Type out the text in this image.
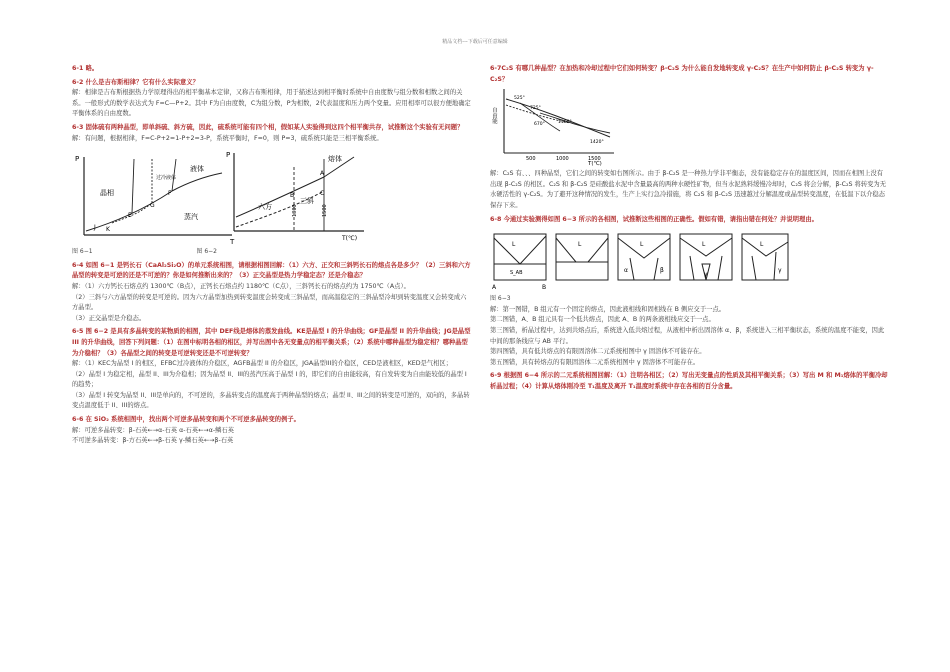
精品文档---下载后可任意编辑

6-1 略。

6-2 什么是吉布斯相律？它有什么实际意义？

解：相律是吉布斯根据热力学原理得出的相平衡基本定律，又称吉布斯相律，用于描述达到相平衡时系统中自由度数与组分数和相数之间的关系。一般形式的数学表达式为 F=C—P+2。其中 F为自由度数，C为组分数，P为相数，2代表温度和压力两个变量。应用相率可以很方便地确定平衡体系的自由度数。

6-3 固体硫有两种晶型，即单斜硫、斜方硫，因此，硫系统可能有四个相，假如某人实验得到这四个相平衡共存，试推断这个实验有无问题？

解：有问题，根据相律，F=C-P+2=1-P+2=3-P，系统平衡时，F=0，则 P=3，硫系统只能是三相平衡系统。

P
T
晶相
液体
蒸汽
过冷液体
J K
E
G
F
P
T(℃)
熔体
六方
三斜
1300	1500
A
B	C

图 6−1	图 6−2

6-4 如图 6−1 是钙长石（CaAl₂Si₂O）的单元系统相图，请根据相图回解：（1）六方、正交和三斜钙长石的熔点各是多少？（2）三斜和六方晶型的转变是可逆的还是不可逆的？你是如何推断出来的？（3）正交晶型是热力学稳定态？还是介稳态？

解：（1）六方钙长石熔点约 1300℃（B点），正钙长石熔点约 1180℃（C点），三斜钙长石的熔点约为 1750℃（A点）。

（2）三斜与六方晶型的转变是可逆的。因为六方晶型加热到转变温度会转变成三斜晶型，而高温稳定的三斜晶型冷却到转变温度又会转变成六方晶型。

（3）正交晶型是介稳态。

6-5 图 6−2 是具有多晶转变的某物质的相图，其中 DEF线是熔体的蒸发曲线。KE是晶型 I 的升华曲线；GF是晶型 II 的升华曲线；JG是晶型 III 的升华曲线，回答下列问题：（1）在图中标明各相的相区，并写出图中各无变量点的相平衡关系；（2）系统中哪种晶型为稳定相？哪种晶型为介稳相？（3）各晶型之间的转变是可逆转变还是不可逆转变？

解：（1）KEC为晶型 I 的相区，EFBC过冷液体的介稳区，AGFB晶型 II 的介稳区，JGA晶型III的介稳区，CED是液相区，KED是气相区；

（2）晶型 I 为稳定相，晶型 II、III为介稳相；因为晶型 II、III的蒸汽压高于晶型 I 的，即它们的自由能较高，有自发转变为自由能较低的晶型 I 的趋势；

（3）晶型 I 转变为晶型 II、III是单向的，不可逆的，多晶转变点的温度高于两种晶型的熔点；晶型 II、III之间的转变是可逆的，双向的，多晶转变点温度低于 II、III的熔点。

6-6 在 SiO₂ 系统相图中，找出两个可逆多晶转变和两个不可逆多晶转变的例子。

解：可逆多晶转变：β-石英←→α-石英 α-石英←→α-鳞石英

不可逆多晶转变：β-方石英←→β-石英 γ-鳞石英←→β-石英

6-7C₂S 有哪几种晶型？在加热和冷却过程中它们如何转变？β-C₂S 为什么能自发地转变成 γ-C₂S？在生产中如何防止 β-C₂S 转变为 γ-C₂S？

自由能
T(℃)
500	1000	1500
725°
1160°
1420°
670°
525°

解：C₂S 有、、、四种晶型，它们之间的转变如右图所示。由于 β-C₂S 是一种热力学非平衡态，没有能稳定存在的温度区间，因而在相图上没有出现 β-C₂S 的相区。C₂S 和 β-C₂S 是硅酸盐水泥中含量最高的两种水硬性矿物，但当水泥熟料缓慢冷却时，C₂S 将会分解，β-C₂S 将转变为无水硬活性的 γ-C₂S。为了避开这种情况的发生，生产上实行急冷措施，将 C₂S 和 β-C₂S 迅速越过分解温度或晶型转变温度，在低温下以介稳态保存下来。

6-8 今通过实验测得如图 6−3 所示的各相图，试推断这些相图的正确性。假如有错，请指出错在何处？并说明理由。

L
S_AB
A	B
L	L	L	L
α	β
γ
γ

图 6−3

解：第一图错，B 组元有一个固定的熔点，因此液相线和固相线在 B 侧应交于一点。

第二图错，A、B 组元具有一个低共熔点，因此 A、B 的两条液相线应交于一点。

第三图错，析晶过程中，达到共熔点后，系统进入低共熔过程，从液相中析出固溶体 α、β，系统进入三相平衡状态，系统的温度不能变，因此中间的那条线应与 AB 平行。

第四图错，具有低共熔点的有限固溶体二元系统相图中 γ 固溶体不可能存在。

第五图错，具有转熔点的有限固溶体二元系统相图中 γ 固溶体不可能存在。

6-9 根据图 6−4 所示的二元系统相图回解：（1）注明各相区；（2）写出无变量点的性质及其相平衡关系；（3）写出 M 和 M₁熔体的平衡冷却析晶过程；（4）计算从熔体刚冷至 T₁温度及离开 T₁温度时系统中存在各相的百分含量。
